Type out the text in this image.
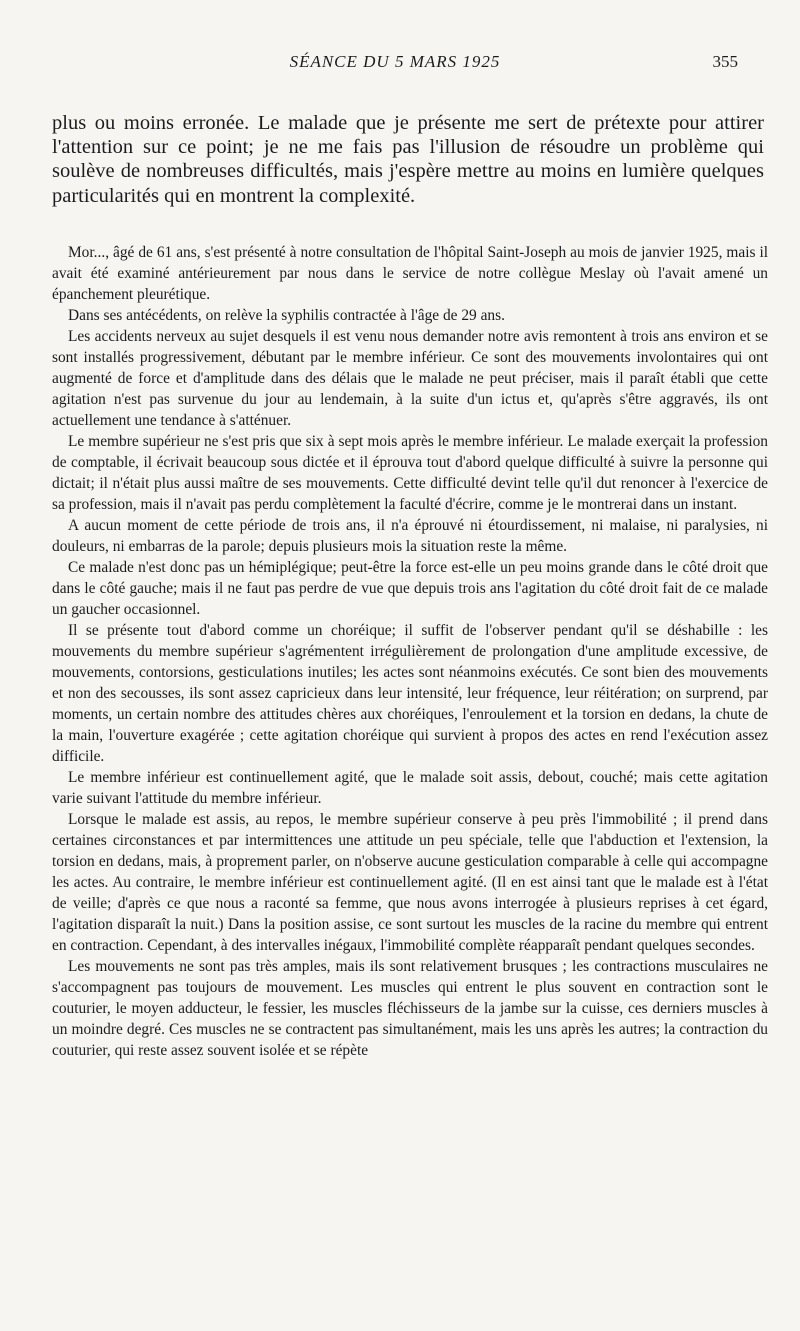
SÉANCE DU 5 MARS 1925	355

plus ou moins erronée. Le malade que je présente me sert de prétexte pour attirer l'attention sur ce point; je ne me fais pas l'illusion de résoudre un problème qui soulève de nombreuses difficultés, mais j'espère mettre au moins en lumière quelques particularités qui en montrent la complexité.

Mor..., âgé de 61 ans, s'est présenté à notre consultation de l'hôpital Saint-Joseph au mois de janvier 1925, mais il avait été examiné antérieurement par nous dans le service de notre collègue Meslay où l'avait amené un épanchement pleurétique.

Dans ses antécédents, on relève la syphilis contractée à l'âge de 29 ans.

Les accidents nerveux au sujet desquels il est venu nous demander notre avis remontent à trois ans environ et se sont installés progressivement, débutant par le membre inférieur. Ce sont des mouvements involontaires qui ont augmenté de force et d'amplitude dans des délais que le malade ne peut préciser, mais il paraît établi que cette agitation n'est pas survenue du jour au lendemain, à la suite d'un ictus et, qu'après s'être aggravés, ils ont actuellement une tendance à s'atténuer.

Le membre supérieur ne s'est pris que six à sept mois après le membre inférieur. Le malade exerçait la profession de comptable, il écrivait beaucoup sous dictée et il éprouva tout d'abord quelque difficulté à suivre la personne qui dictait; il n'était plus aussi maître de ses mouvements. Cette difficulté devint telle qu'il dut renoncer à l'exercice de sa profession, mais il n'avait pas perdu complètement la faculté d'écrire, comme je le montrerai dans un instant.

A aucun moment de cette période de trois ans, il n'a éprouvé ni étourdissement, ni malaise, ni paralysies, ni douleurs, ni embarras de la parole; depuis plusieurs mois la situation reste la même.

Ce malade n'est donc pas un hémiplégique; peut-être la force est-elle un peu moins grande dans le côté droit que dans le côté gauche; mais il ne faut pas perdre de vue que depuis trois ans l'agitation du côté droit fait de ce malade un gaucher occasionnel.

Il se présente tout d'abord comme un choréique; il suffit de l'observer pendant qu'il se déshabille : les mouvements du membre supérieur s'agrémentent irrégulièrement de prolongation d'une amplitude excessive, de mouvements, contorsions, gesticulations inutiles; les actes sont néanmoins exécutés. Ce sont bien des mouvements et non des secousses, ils sont assez capricieux dans leur intensité, leur fréquence, leur réitération; on surprend, par moments, un certain nombre des attitudes chères aux choréiques, l'enroulement et la torsion en dedans, la chute de la main, l'ouverture exagérée ; cette agitation choréique qui survient à propos des actes en rend l'exécution assez difficile.

Le membre inférieur est continuellement agité, que le malade soit assis, debout, couché; mais cette agitation varie suivant l'attitude du membre inférieur.

Lorsque le malade est assis, au repos, le membre supérieur conserve à peu près l'immobilité ; il prend dans certaines circonstances et par intermittences une attitude un peu spéciale, telle que l'abduction et l'extension, la torsion en dedans, mais, à proprement parler, on n'observe aucune gesticulation comparable à celle qui accompagne les actes. Au contraire, le membre inférieur est continuellement agité. (Il en est ainsi tant que le malade est à l'état de veille; d'après ce que nous a raconté sa femme, que nous avons interrogée à plusieurs reprises à cet égard, l'agitation disparaît la nuit.) Dans la position assise, ce sont surtout les muscles de la racine du membre qui entrent en contraction. Cependant, à des intervalles inégaux, l'immobilité complète réapparaît pendant quelques secondes.

Les mouvements ne sont pas très amples, mais ils sont relativement brusques ; les contractions musculaires ne s'accompagnent pas toujours de mouvement. Les muscles qui entrent le plus souvent en contraction sont le couturier, le moyen adducteur, le fessier, les muscles fléchisseurs de la jambe sur la cuisse, ces derniers muscles à un moindre degré. Ces muscles ne se contractent pas simultanément, mais les uns après les autres; la contraction du couturier, qui reste assez souvent isolée et se répète
